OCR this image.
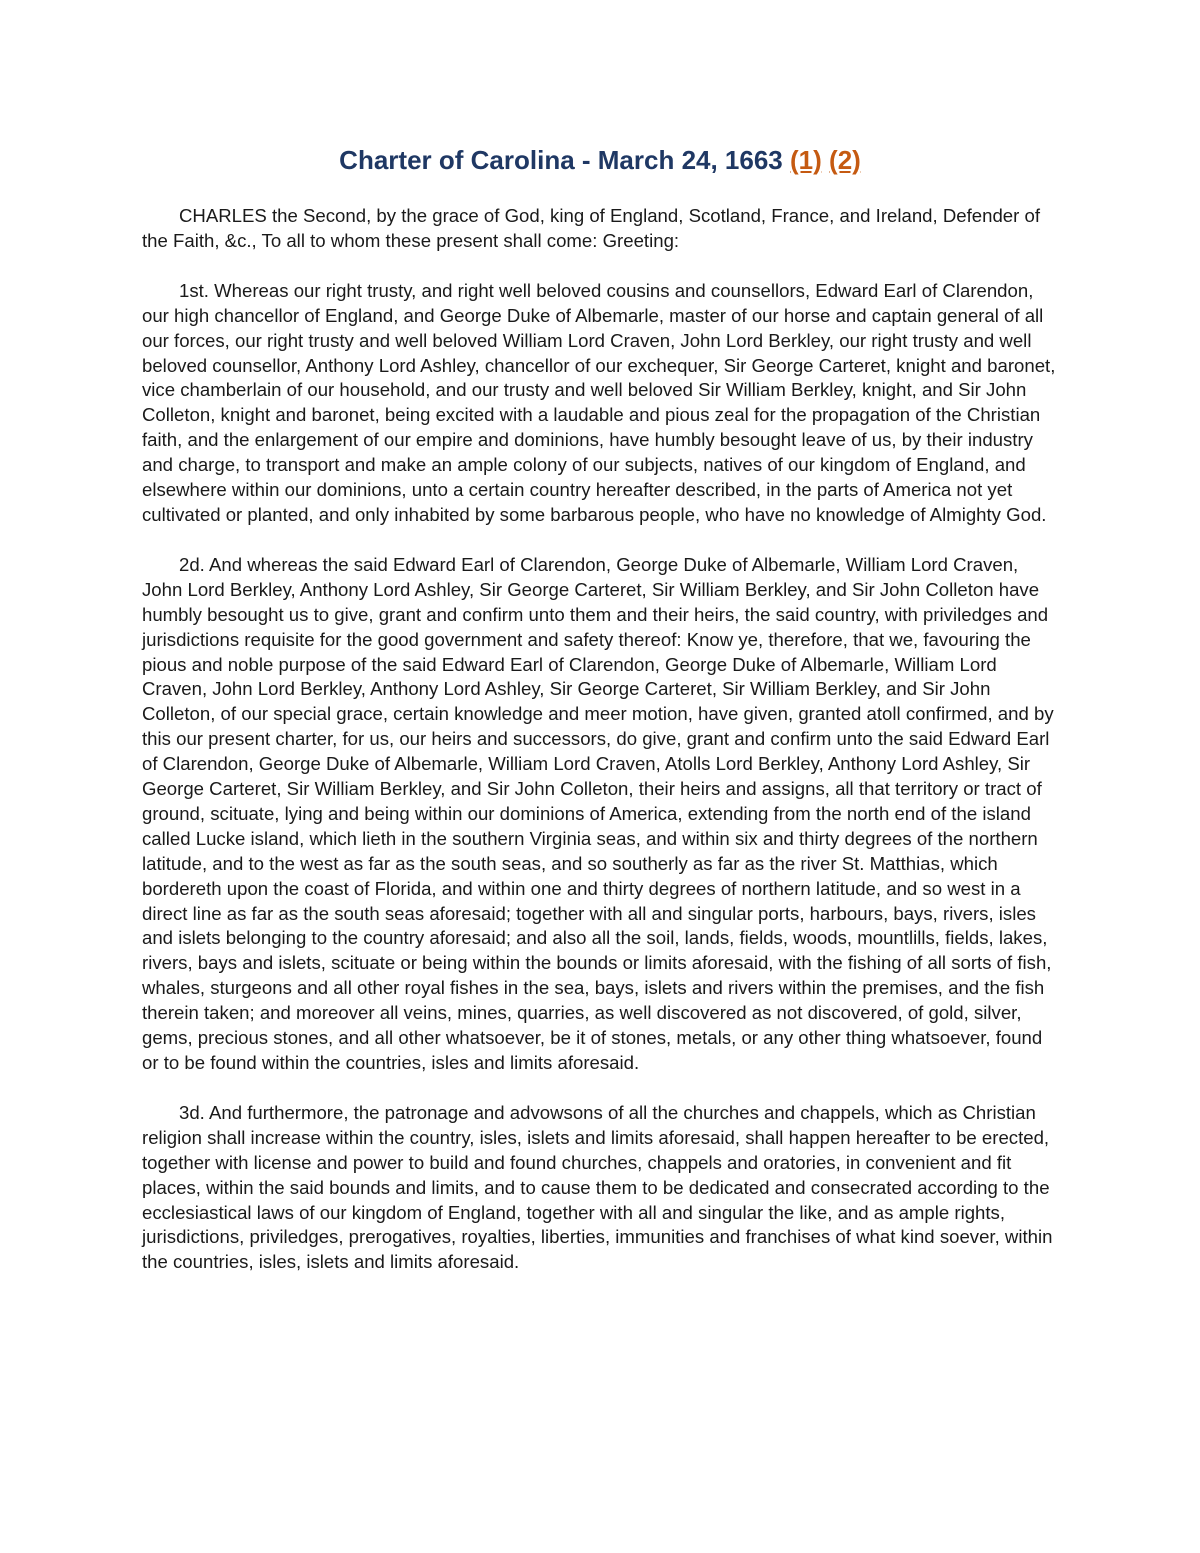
Charter of Carolina - March 24, 1663 (1) (2)

CHARLES the Second, by the grace of God, king of England, Scotland, France, and Ireland, Defender of the Faith, &c., To all to whom these present shall come: Greeting:

1st. Whereas our right trusty, and right well beloved cousins and counsellors, Edward Earl of Clarendon, our high chancellor of England, and George Duke of Albemarle, master of our horse and captain general of all our forces, our right trusty and well beloved William Lord Craven, John Lord Berkley, our right trusty and well beloved counsellor, Anthony Lord Ashley, chancellor of our exchequer, Sir George Carteret, knight and baronet, vice chamberlain of our household, and our trusty and well beloved Sir William Berkley, knight, and Sir John Colleton, knight and baronet, being excited with a laudable and pious zeal for the propagation of the Christian faith, and the enlargement of our empire and dominions, have humbly besought leave of us, by their industry and charge, to transport and make an ample colony of our subjects, natives of our kingdom of England, and elsewhere within our dominions, unto a certain country hereafter described, in the parts of America not yet cultivated or planted, and only inhabited by some barbarous people, who have no knowledge of Almighty God.

2d. And whereas the said Edward Earl of Clarendon, George Duke of Albemarle, William Lord Craven, John Lord Berkley, Anthony Lord Ashley, Sir George Carteret, Sir William Berkley, and Sir John Colleton have humbly besought us to give, grant and confirm unto them and their heirs, the said country, with priviledges and jurisdictions requisite for the good government and safety thereof: Know ye, therefore, that we, favouring the pious and noble purpose of the said Edward Earl of Clarendon, George Duke of Albemarle, William Lord Craven, John Lord Berkley, Anthony Lord Ashley, Sir George Carteret, Sir William Berkley, and Sir John Colleton, of our special grace, certain knowledge and meer motion, have given, granted atoll confirmed, and by this our present charter, for us, our heirs and successors, do give, grant and confirm unto the said Edward Earl of Clarendon, George Duke of Albemarle, William Lord Craven, Atolls Lord Berkley, Anthony Lord Ashley, Sir George Carteret, Sir William Berkley, and Sir John Colleton, their heirs and assigns, all that territory or tract of ground, scituate, lying and being within our dominions of America, extending from the north end of the island called Lucke island, which lieth in the southern Virginia seas, and within six and thirty degrees of the northern latitude, and to the west as far as the south seas, and so southerly as far as the river St. Matthias, which bordereth upon the coast of Florida, and within one and thirty degrees of northern latitude, and so west in a direct line as far as the south seas aforesaid; together with all and singular ports, harbours, bays, rivers, isles and islets belonging to the country aforesaid; and also all the soil, lands, fields, woods, mountlills, fields, lakes, rivers, bays and islets, scituate or being within the bounds or limits aforesaid, with the fishing of all sorts of fish, whales, sturgeons and all other royal fishes in the sea, bays, islets and rivers within the premises, and the fish therein taken; and moreover all veins, mines, quarries, as well discovered as not discovered, of gold, silver, gems, precious stones, and all other whatsoever, be it of stones, metals, or any other thing whatsoever, found or to be found within the countries, isles and limits aforesaid.

3d. And furthermore, the patronage and advowsons of all the churches and chappels, which as Christian religion shall increase within the country, isles, islets and limits aforesaid, shall happen hereafter to be erected, together with license and power to build and found churches, chappels and oratories, in convenient and fit places, within the said bounds and limits, and to cause them to be dedicated and consecrated according to the ecclesiastical laws of our kingdom of England, together with all and singular the like, and as ample rights, jurisdictions, priviledges, prerogatives, royalties, liberties, immunities and franchises of what kind soever, within the countries, isles, islets and limits aforesaid.
